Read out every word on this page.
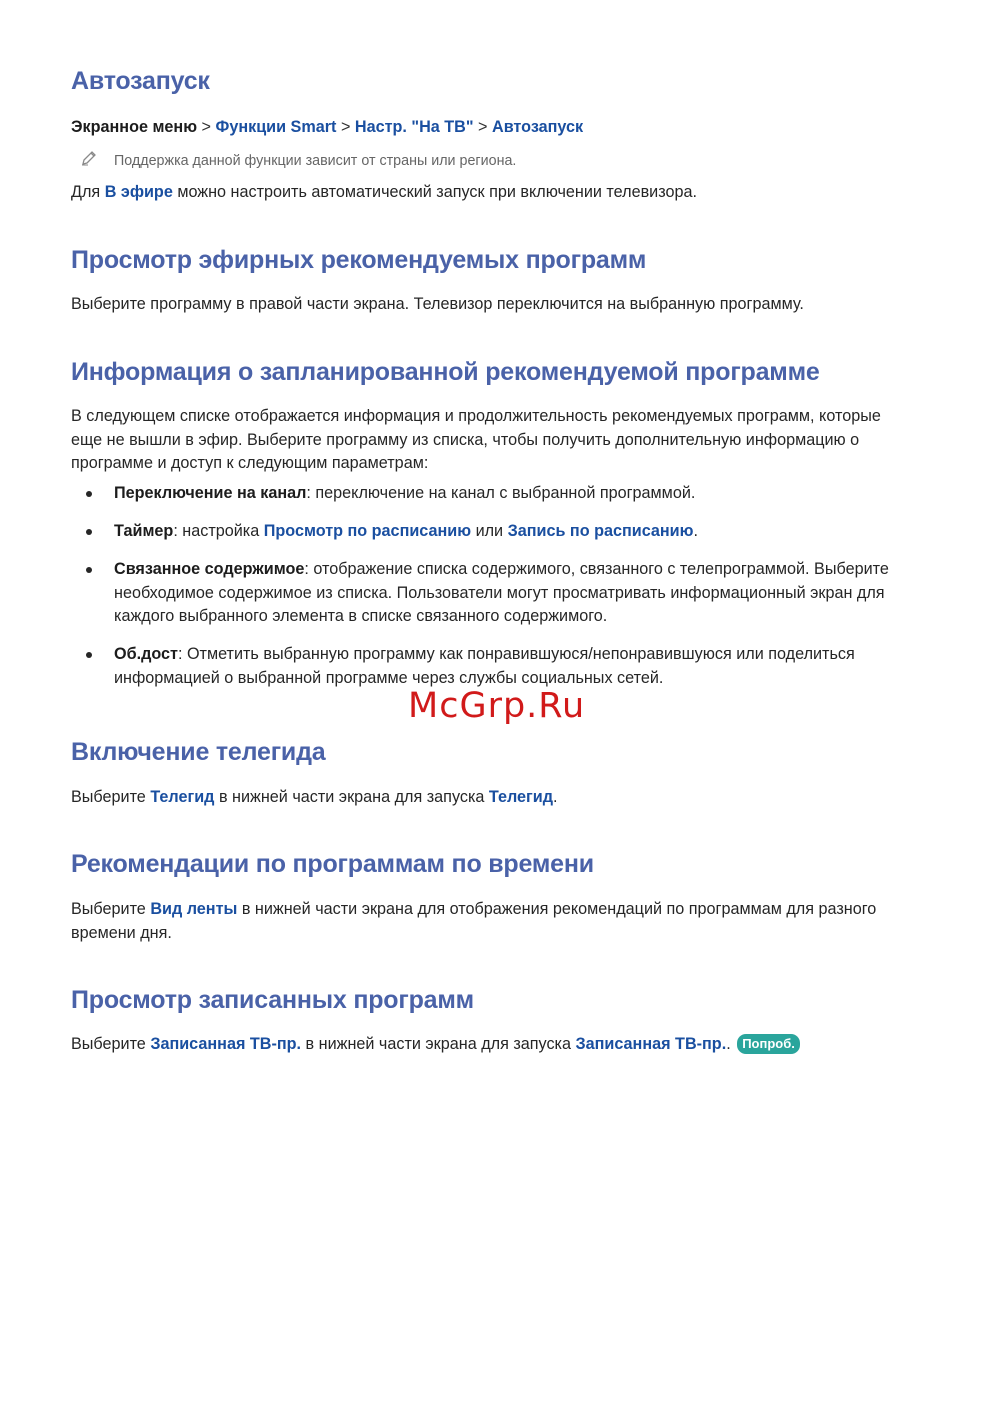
Автозапуск

Экранное меню > Функции Smart > Настр. "На ТВ" > Автозапуск

Поддержка данной функции зависит от страны или региона.

Для В эфире можно настроить автоматический запуск при включении телевизора.

Просмотр эфирных рекомендуемых программ

Выберите программу в правой части экрана. Телевизор переключится на выбранную программу.

Информация о запланированной рекомендуемой программе

В следующем списке отображается информация и продолжительность рекомендуемых программ, которые

еще не вышли в эфир. Выберите программу из списка, чтобы получить дополнительную информацию о

программе и доступ к следующим параметрам:

Переключение на канал: переключение на канал с выбранной программой.
Таймер: настройка Просмотр по расписанию или Запись по расписанию.
Связанное содержимое: отображение списка содержимого, связанного с телепрограммой. Выберите
необходимое содержимое из списка. Пользователи могут просматривать информационный экран для
каждого выбранного элемента в списке связанного содержимого.
Об.дост: Отметить выбранную программу как понравившуюся/непонравившуюся или поделиться
информацией о выбранной программе через службы социальных сетей.
Включение телегида

Выберите Телегид в нижней части экрана для запуска Телегид.

Рекомендации по программам по времени

Выберите Вид ленты в нижней части экрана для отображения рекомендаций по программам для разного

времени дня.

Просмотр записанных программ

Выберите Записанная ТВ-пр. в нижней части экрана для запуска Записанная ТВ-пр.. Попроб.

McGrp.Ru
